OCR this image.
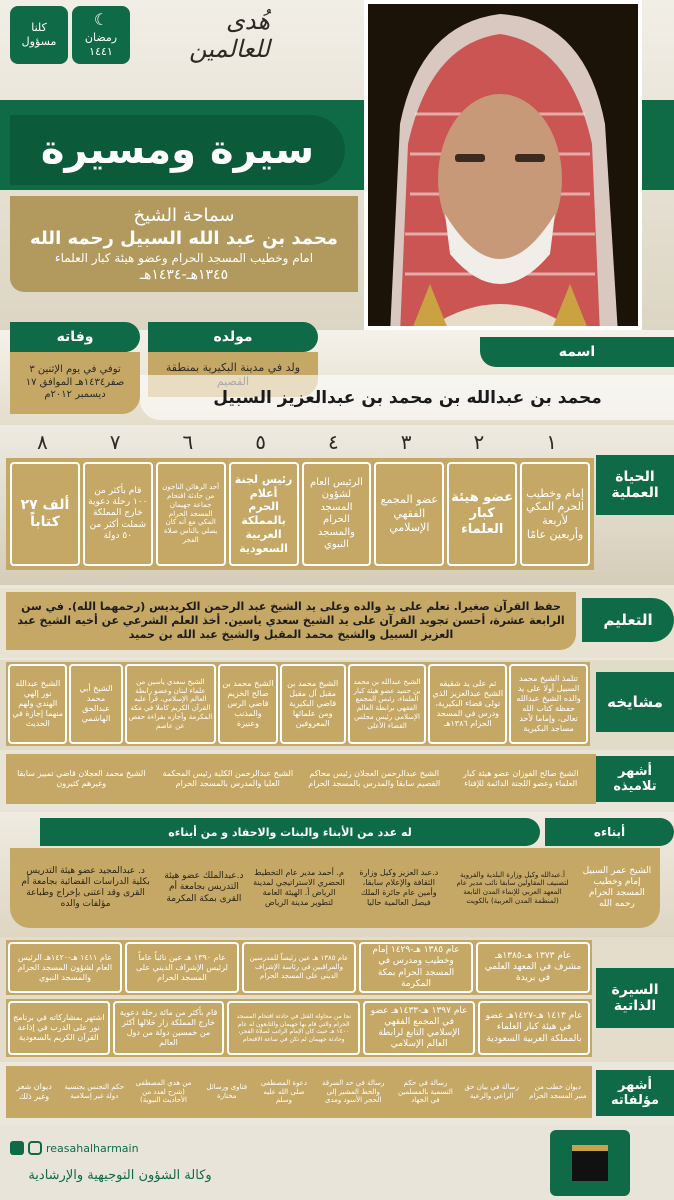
سيرة ومسيرة
كلنا
مسؤول
☾
رمضان
١٤٤١
هُدى للعالمين
سماحة الشيخ
محمد بن عبد الله السبيل رحمه الله
امام وخطيب المسجد الحرام وعضو هيئة كبار العلماء
١٣٤٥هـ-١٤٣٤هـ
وفاته	مولده
اسمه
توفي في يوم الإثنين ٣ صفر١٤٣٤هـ الموافق ١٧ ديسمبر ٢٠١٢م
ولد في مدينة البكيرية بمنطقة
محمد بن عبدالله بن محمد بن عبدالعزيز السبيل
الحياة العملية
١
٢
٣
٤
٥
٦
٧
٨
إمام وخطيب الحرم المكي لأربعة وأربعين عامًا
عضو هيئة كبار العلماء
عضو المجمع الفقهي الإسلامي
الرئيس العام لشؤون المسجد الحرام والمسجد النبوي
رئيس لجنة أعلام الحرم بالمملكة العربية السعودية
أحد الرهائن الناجون من حادثة اقتحام جماعة جهيمان المسجد الحرام المكي مع أنه كان يصلي بالناس صلاة الفجر
قام بأكثر من ١٠٠ رحلة دعوية خارج المملكة شملت أكثر من ٥٠ دولة
ألف ٢٧ كتاباً
حفظ القرآن صغيرا. تعلم على يد والده وعلى يد الشيخ عبد الرحمن الكريديس (رحمهما الله). في سن الرابعة عشرة، أحسن تجويد القرآن على يد الشيخ سعدي ياسين. أخذ العلم الشرعي عن أخيه الشيخ عبد العزيز السبيل والشيخ محمد المقبل والشيخ عبد الله بن حميد
التعليم
مشايخه
تتلمذ الشيخ محمد السبيل أولا على يد والده الشيخ عبدالله حفظة كتاب الله تعالى، وإماما لأحد مساجد البكيرية
ثم على يد شقيقه الشيخ عبدالعزيز الذي تولى قضاء البكيرية، ودرس في المسجد الحرام ١٣٨٦هـ
الشيخ عبدالله بن محمد بن حميد عضو هيئة كبار العلماء، رئيس المجمع الفقهي برابطة العالم الإسلامي رئيس مجلس القضاء الأعلى
الشيخ محمد بن مقبل آل مقبل قاضي البكيرية ومن علمائها المعروفين
الشيخ محمد بن صالح الخزيم قاضي الرس والمذنب وعنيزة
الشيخ سعدي ياسين من علماء لبنان وعضو رابطة العالم الإسلامي، قرأ عليه القرآن الكريم كاملا في مكة المكرمة وأجازه بقراءة حفص عن عاصم
الشيخ أبي محمد عبدالحق الهاشمي
الشيخ عبدالله نور إلهي الهندي ولهم منهما إجازة في الحديث
الشيخ صالح الفوزان عضو هيئة كبار العلماء وعضو اللجنة الدائمة للإفتاء
الشيخ عبدالرحمن العجلان رئيس محاكم القصيم سابقا والمدرس بالمسجد الحرام
الشيخ عبدالرحمن الكلية رئيس المحكمة العليا والمدرس بالمسجد الحرام
الشيخ محمد العجلان قاضي تمييز سابقا وغيرهم كثيرون
أشهر تلاميذه
له عدد من الأبناء والبنات والاحفاد و من أبناءه	أبناءه
الشيخ عمر السبيل إمام وخطيب المسجد الحرام رحمه الله
أ.عبدالله وكيل وزارة البلدية والقروية لتصنيف المقاولين سابقا نائب مدير عام المعهد العربي للإنماء المدن التابعة (لمنظمة المدن العربية) بالكويت
د.عبد العزيز وكيل وزارة الثقافة والإعلام سابقا، وأمين عام جائزة الملك فيصل العالمية حاليا
م. أحمد مدير عام التخطيط الحضري الاستراتيجي لمدينة الرياض أ. الهيئة العامة لتطوير مدينة الرياض
د.عبدالملك عضو هيئة التدريس بجامعة أم القرى بمكة المكرمة
د. عبدالمجيد عضو هيئة التدريس بكلية الدراسات القضائية بجامعة أم القرى وقد اعتنى بإخراج وطباعة مؤلفات والده
السيرة الذاتية
عام ١٣٧٣ هـ-١٣٨٥هـ مشرف في المعهد العلمي في بريدة
عام ١٣٨٥ هـ-١٤٢٩ إمام وخطيب ومدرس في المسجد الحرام بمكة المكرمة
عام ١٣٨٥ هـ عين رئيساً للمدرسين والمراقبين في رئاسة الإشراف الديني على المسجد الحرام
عام ١٣٩٠ هـ عين نائباً عاماً لرئيس الإشراف الديني على المسجد الحرام
عام ١٤١١ هـ-١٤٢٠هـ الرئيس العام لشؤون المسجد الحرام والمسجد النبوي
عام ١٤١٣ هـ-١٤٢٧هـ عضو في هيئة كبار العلماء بالمملكة العربية السعودية
عام ١٣٩٧ هـ-١٤٣٣هـ عضو في المجمع الفقهي الإسلامي التابع لرابطة العالم الإسلامي
نجا من محاولة القتل في حادثة اقتحام المسجد الحرام والتي قام بها جهيمان والتابعون له عام ١٤٠٠ هـ حيث كان الإمام الراتب لصلاة الفجر، وحادثة جهيمان لم تكن في ساعة الاقتحام
قام بأكثر من مائة رحلة دعوية خارج المملكة زار خلالها أكثر من خمسين دولة من دول العالم
اشتهر بمشاركاته في برنامج نور على الدرب في إذاعة القرآن الكريم بالسعودية
ديوان خطب من منبر المسجد الحرام
رسالة في بيان حق الراعي والرعية
رسالة في حكم التسمية بالمسلمين في الجهاد
رسالة في حد السرقة والخط المشير إلى الحجر الأسود ومدى
دعوة المصطفى صلى الله عليه وسلم
فتاوى ورسائل مختارة
من هدي المصطفى (شرح لعدد من الأحاديث النبوية)
حكم التجنس بجنسية دولة غير إسلامية
ديوان شعر وغير ذلك
أشهر مؤلفاته
reasahalharmain
وكالة الشؤون التوجيهية والإرشادية
